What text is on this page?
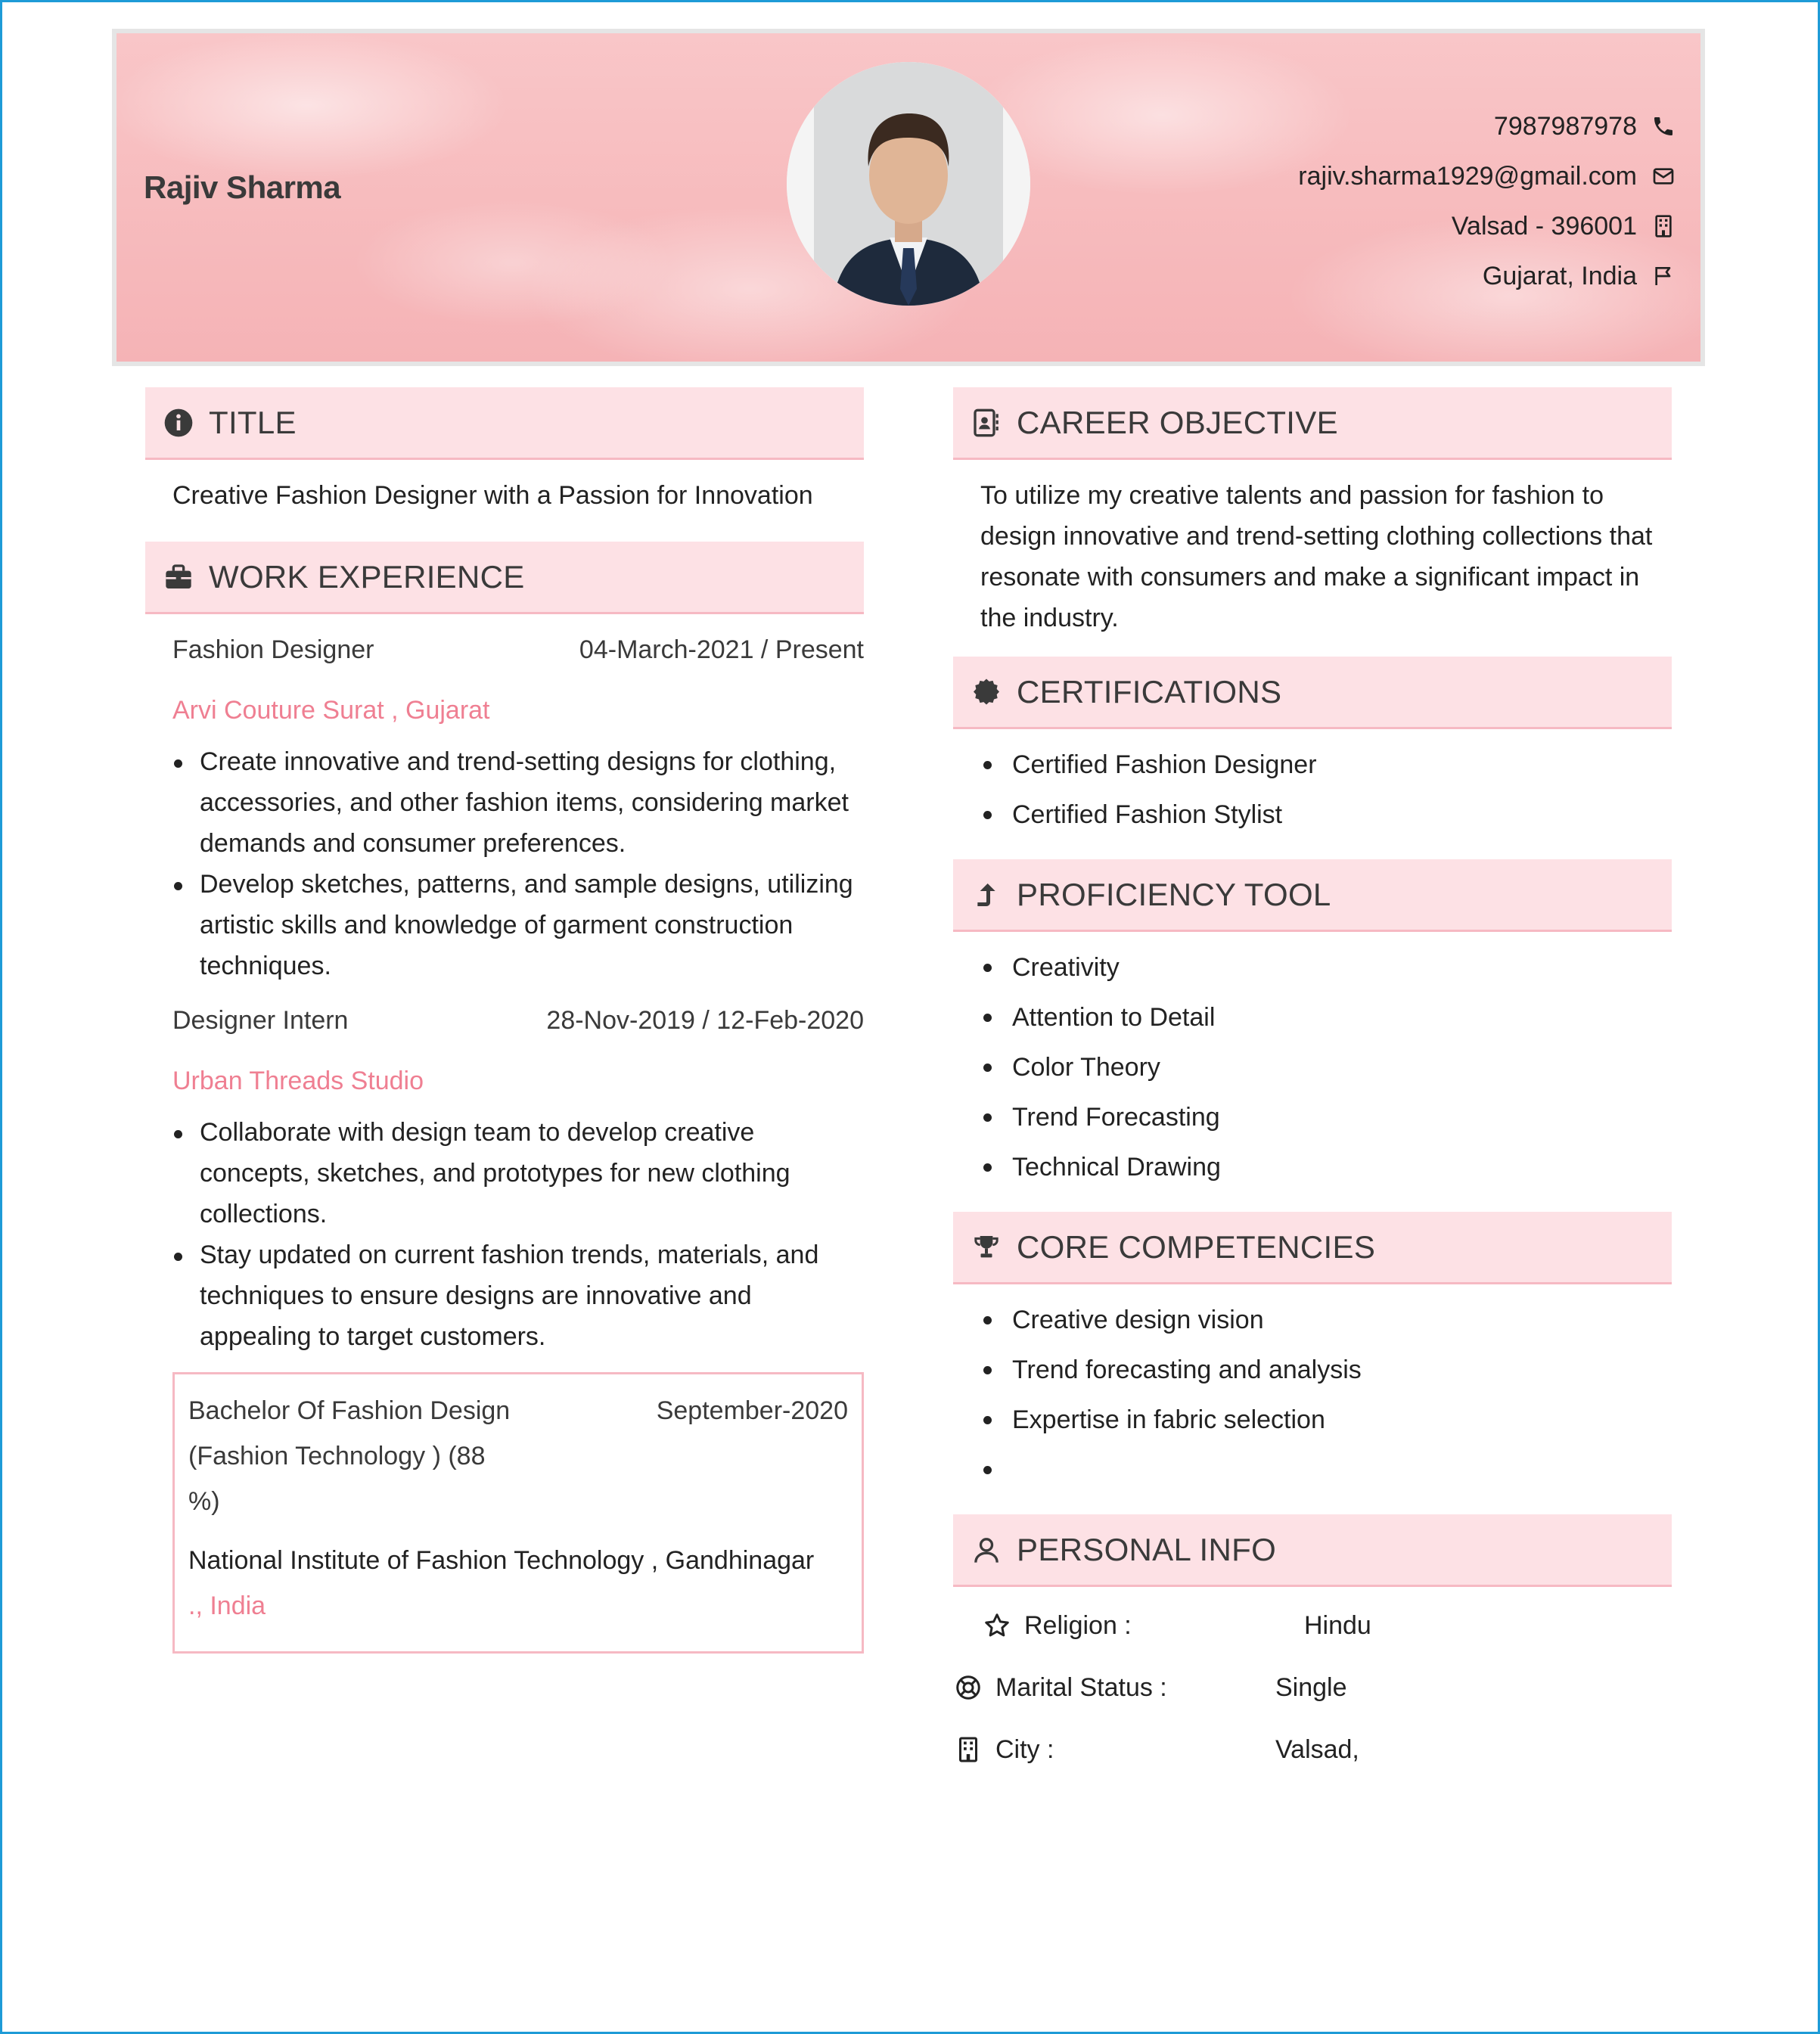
Rajiv Sharma
7987987978
rajiv.sharma1929@gmail.com
Valsad - 396001
Gujarat, India
TITLE
Creative Fashion Designer with a Passion for Innovation
WORK EXPERIENCE
Fashion Designer	04-March-2021 / Present
Arvi Couture Surat , Gujarat
Create innovative and trend-setting designs for clothing, accessories, and other fashion items, considering market demands and consumer preferences.
Develop sketches, patterns, and sample designs, utilizing artistic skills and knowledge of garment construction techniques.
Designer Intern	28-Nov-2019 / 12-Feb-2020
Urban Threads Studio
Collaborate with design team to develop creative concepts, sketches, and prototypes for new clothing collections.
Stay updated on current fashion trends, materials, and techniques to ensure designs are innovative and appealing to target customers.
Bachelor Of Fashion Design (Fashion Technology ) (88 %)
September-2020
National Institute of Fashion Technology , Gandhinagar
., India
CAREER OBJECTIVE
To utilize my creative talents and passion for fashion to design innovative and trend-setting clothing collections that resonate with consumers and make a significant impact in the industry.
CERTIFICATIONS
Certified Fashion Designer
Certified Fashion Stylist
PROFICIENCY TOOL
Creativity
Attention to Detail
Color Theory
Trend Forecasting
Technical Drawing
CORE COMPETENCIES
Creative design vision
Trend forecasting and analysis
Expertise in fabric selection
PERSONAL INFO
Religion :	Hindu
Marital Status :	Single
City :	Valsad,
